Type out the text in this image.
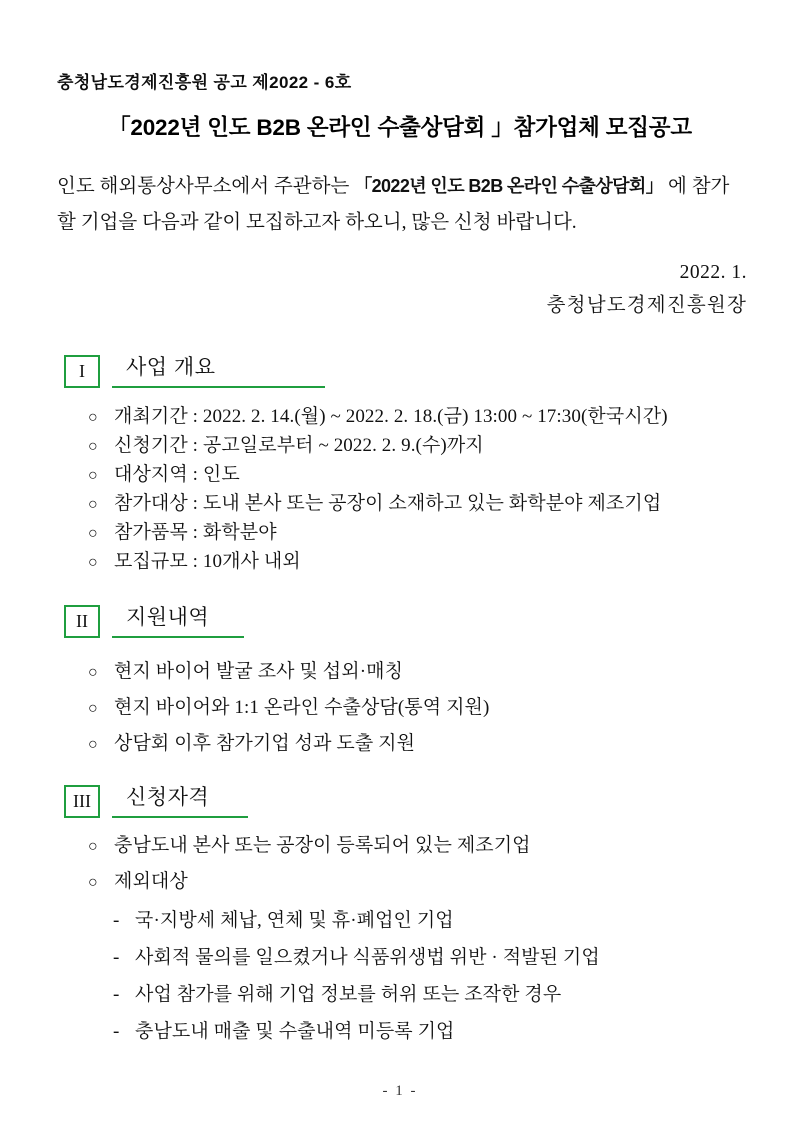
충청남도경제진흥원 공고 제2022 - 6호
「2022년 인도 B2B 온라인 수출상담회 」참가업체 모집공고
인도 해외통상사무소에서 주관하는 「2022년 인도 B2B 온라인 수출상담회」 에 참가할 기업을 다음과 같이 모집하고자 하오니, 많은 신청 바랍니다.
2022. 1.
충청남도경제진흥원장
I	사업 개요
○ 개최기간 : 2022. 2. 14.(월) ~ 2022. 2. 18.(금) 13:00 ~ 17:30(한국시간)
○ 신청기간 : 공고일로부터 ~ 2022. 2. 9.(수)까지
○ 대상지역 : 인도
○ 참가대상 : 도내 본사 또는 공장이 소재하고 있는 화학분야 제조기업
○ 참가품목 : 화학분야
○ 모집규모 : 10개사 내외
II	지원내역
○ 현지 바이어 발굴 조사 및 섭외·매칭
○ 현지 바이어와 1:1 온라인 수출상담(통역 지원)
○ 상담회 이후 참가기업 성과 도출 지원
III	신청자격
○ 충남도내 본사 또는 공장이 등록되어 있는 제조기업
○ 제외대상
- 국·지방세 체납, 연체 및 휴·폐업인 기업
- 사회적 물의를 일으켰거나 식품위생법 위반 · 적발된 기업
- 사업 참가를 위해 기업 정보를 허위 또는 조작한 경우
- 충남도내 매출 및 수출내역 미등록 기업
- 1 -
